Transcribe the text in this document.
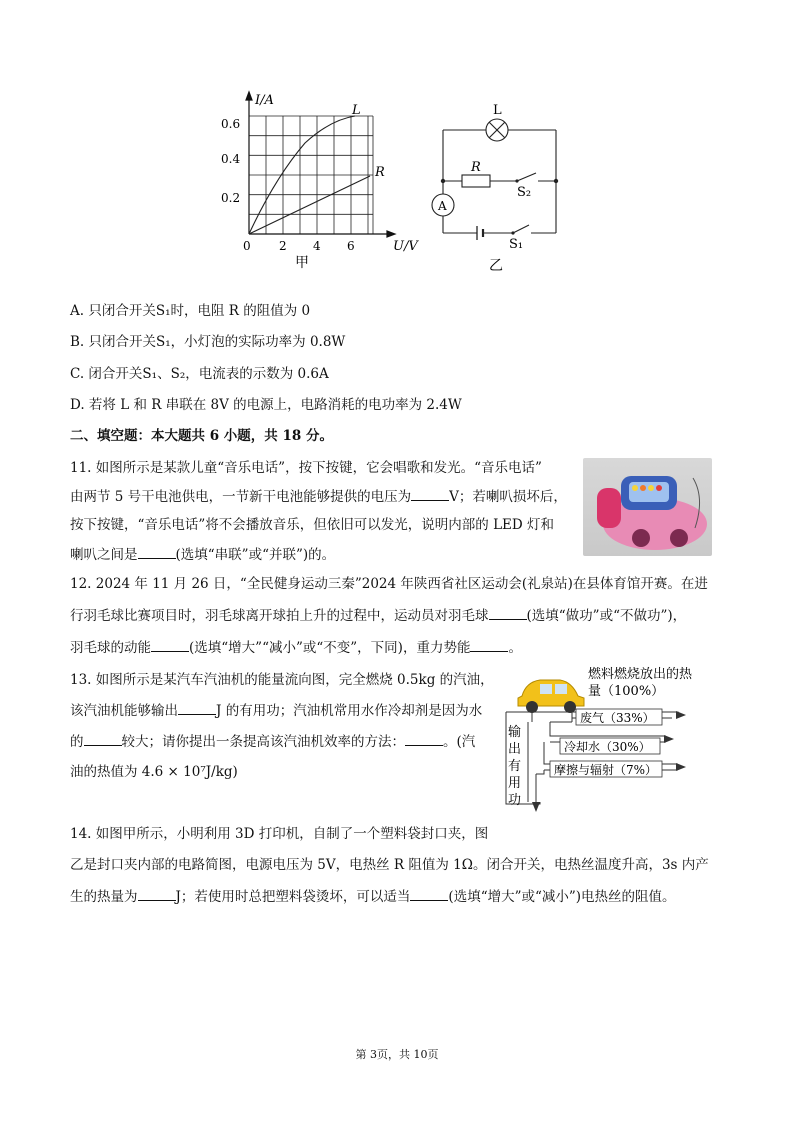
I/A
0.6
0.4
0.2
0 2 4 6	U/V
L
R
甲
L
R
A
S₂
S₁
乙
A. 只闭合开关S₁时，电阻 R 的阻值为 0
B. 只闭合开关S₁，小灯泡的实际功率为 0.8W
C. 闭合开关S₁、S₂，电流表的示数为 0.6A
D. 若将 L 和 R 串联在 8V 的电源上，电路消耗的电功率为 2.4W
二、填空题：本大题共 6 小题，共 18 分。
11. 如图所示是某款儿童“音乐电话”，按下按键，它会唱歌和发光。“音乐电话”
由两节 5 号干电池供电，一节新干电池能够提供的电压为	V；若喇叭损坏后，
按下按键，“音乐电话”将不会播放音乐，但依旧可以发光，说明内部的 LED 灯和
喇叭之间是	(选填“串联”或“并联”)的。
12. 2024 年 11 月 26 日，“全民健身运动三秦”2024 年陕西省社区运动会(礼泉站)在县体育馆开赛。在进
行羽毛球比赛项目时，羽毛球离开球拍上升的过程中，运动员对羽毛球	(选填“做功”或“不做功”)，
羽毛球的动能	(选填“增大”“减小”或“不变”，下同)，重力势能	。
13. 如图所示是某汽车汽油机的能量流向图，完全燃烧 0.5kg 的汽油，
该汽油机能够输出	J 的有用功；汽油机常用水作冷却剂是因为水
的	较大；请你提出一条提高该汽油机效率的方法：	。(汽
油的热值为 4.6 × 10⁷J/kg)
燃料燃烧放出的热
量（100%）
废气（33%）
冷却水（30%）
摩擦与辐射（7%）
输
出
有
用
功
14. 如图甲所示，小明利用 3D 打印机，自制了一个塑料袋封口夹，图
乙是封口夹内部的电路简图，电源电压为 5V，电热丝 R 阻值为 1Ω。闭合开关，电热丝温度升高，3s 内产
生的热量为	J；若使用时总把塑料袋烫坏，可以适当	(选填“增大”或“减小”)电热丝的阻值。
第 3页，共 10页
